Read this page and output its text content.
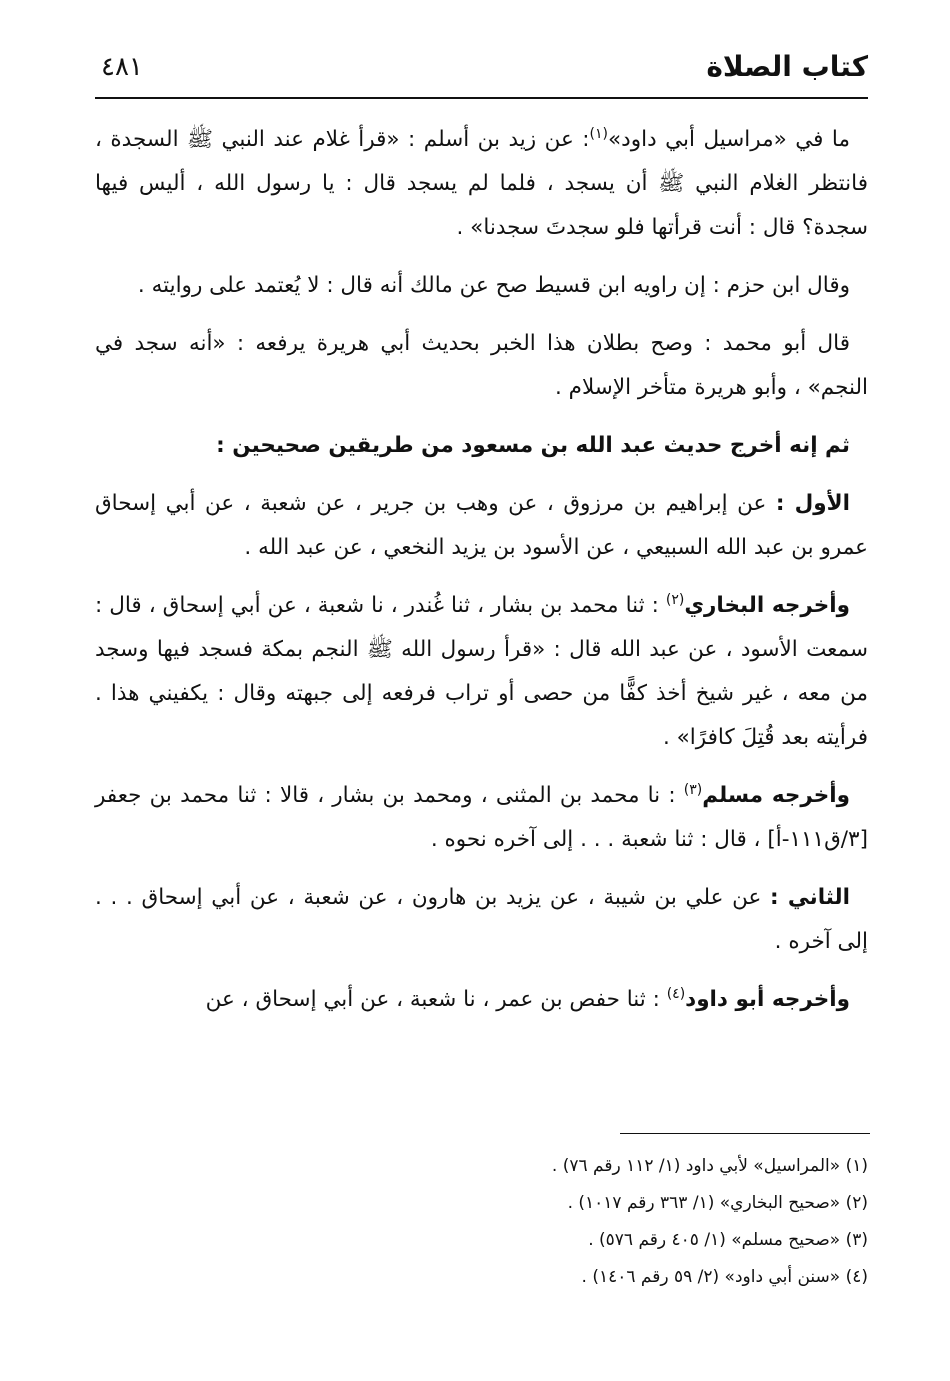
كتاب الصلاة
٤٨١

ما في «مراسيل أبي داود»$^{(١)}$: عن زيد بن أسلم : «قرأ غلام عند النبي ﷺ السجدة ، فانتظر الغلام النبي ﷺ أن يسجد ، فلما لم يسجد قال : يا رسول الله ، أليس فيها سجدة؟ قال : أنت قرأتها فلو سجدتَ سجدنا» .

وقال ابن حزم : إن راويه ابن قسيط صح عن مالك أنه قال : لا يُعتمد على روايته .

قال أبو محمد : وصح بطلان هذا الخبر بحديث أبي هريرة يرفعه : «أنه سجد في النجم» ، وأبو هريرة متأخر الإسلام .

ثم إنه أخرج حديث عبد الله بن مسعود من طريقين صحيحين :

الأول : عن إبراهيم بن مرزوق ، عن وهب بن جرير ، عن شعبة ، عن أبي إسحاق عمرو بن عبد الله السبيعي ، عن الأسود بن يزيد النخعي ، عن عبد الله .

وأخرجه البخاري$^{(٢)}$ : ثنا محمد بن بشار ، ثنا غُندر ، نا شعبة ، عن أبي إسحاق ، قال : سمعت الأسود ، عن عبد الله قال : «قرأ رسول الله ﷺ النجم بمكة فسجد فيها وسجد من معه ، غير شيخ أخذ كفًّا من حصى أو تراب فرفعه إلى جبهته وقال : يكفيني هذا . فرأيته بعد قُتِلَ كافرًا» .

وأخرجه مسلم$^{(٣)}$ : نا محمد بن المثنى ، ومحمد بن بشار ، قالا : ثنا محمد بن جعفر [٣/ق١١١-أ] ، قال : ثنا شعبة . . . إلى آخره نحوه .

الثاني : عن علي بن شيبة ، عن يزيد بن هارون ، عن شعبة ، عن أبي إسحاق . . . إلى آخره .

وأخرجه أبو داود$^{(٤)}$ : ثنا حفص بن عمر ، نا شعبة ، عن أبي إسحاق ، عن

(١) «المراسيل» لأبي داود (١/ ١١٢ رقم ٧٦) .

(٢) «صحيح البخاري» (١/ ٣٦٣ رقم ١٠١٧) .

(٣) «صحيح مسلم» (١/ ٤٠٥ رقم ٥٧٦) .

(٤) «سنن أبي داود» (٢/ ٥٩ رقم ١٤٠٦) .
